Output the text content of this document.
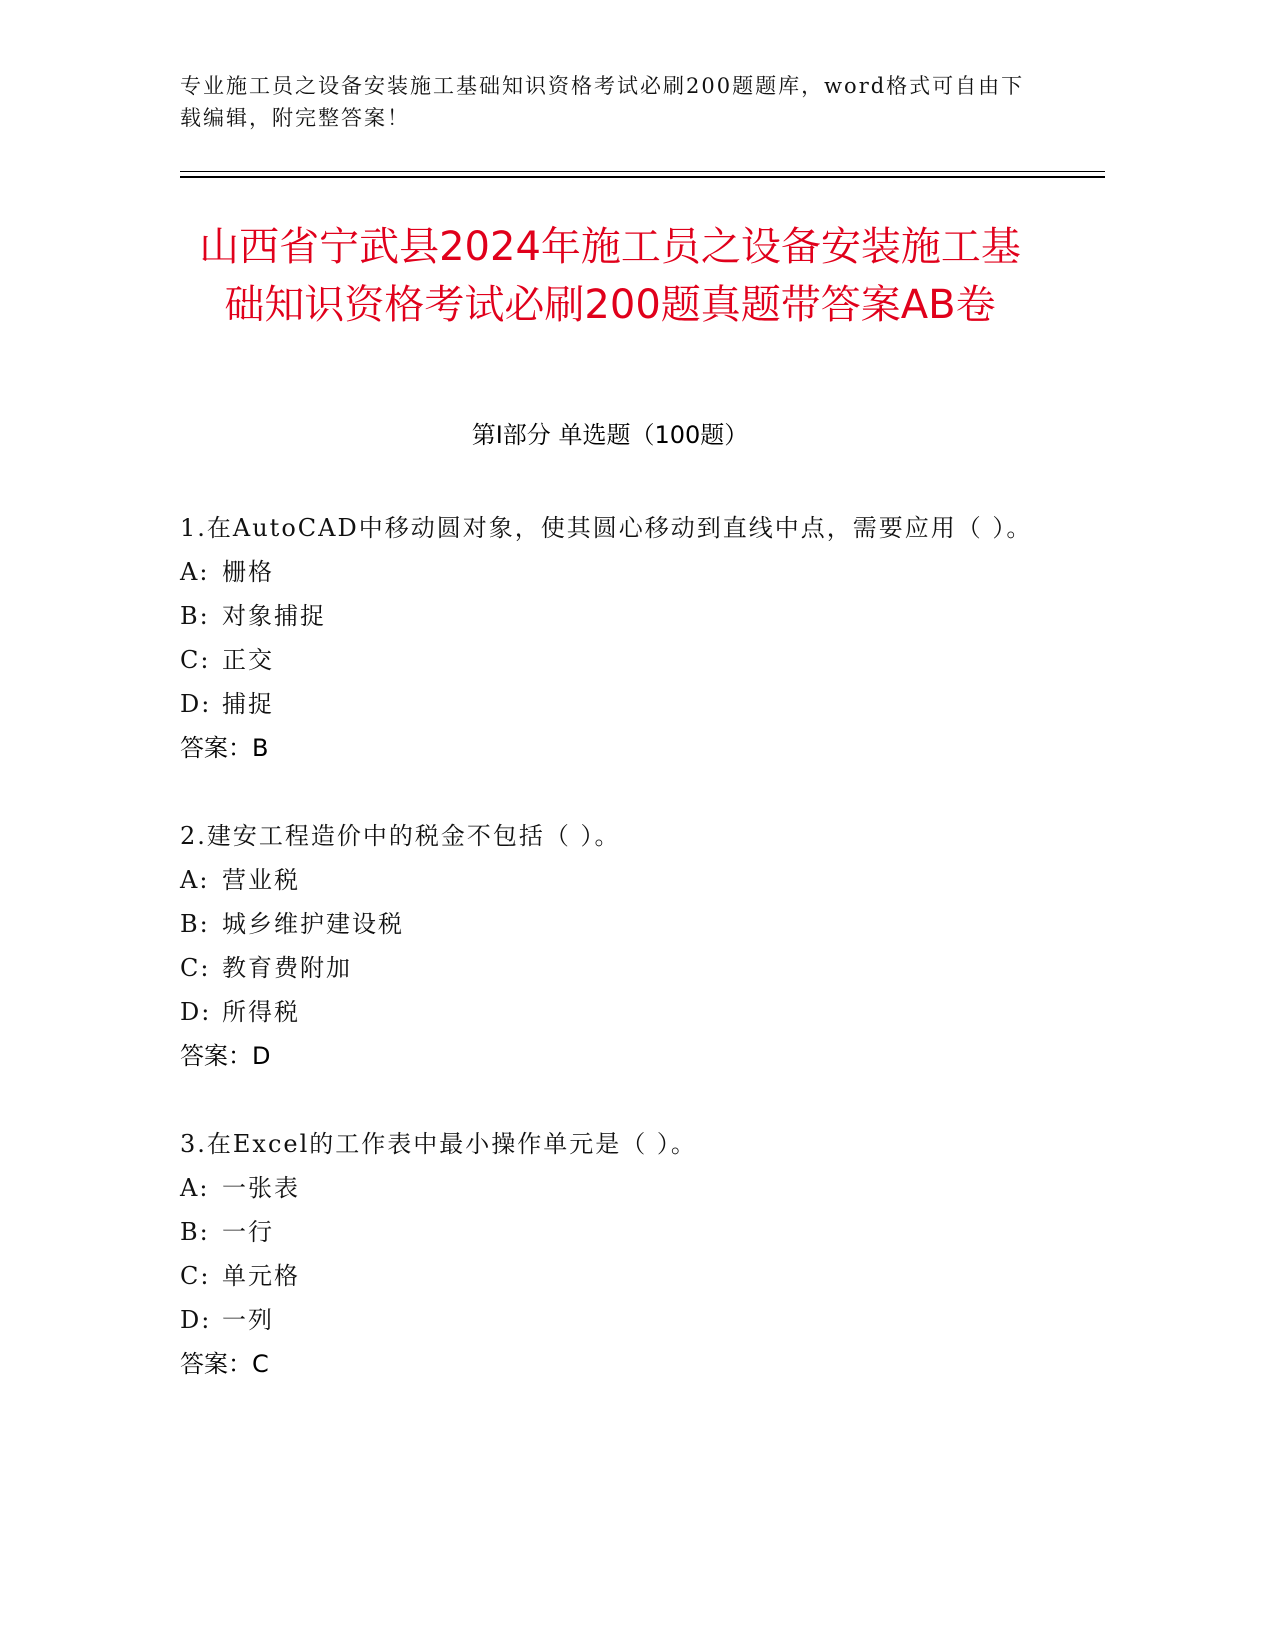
专业施工员之设备安装施工基础知识资格考试必刷200题题库，word格式可自由下载编辑，附完整答案！
山西省宁武县2024年施工员之设备安装施工基础知识资格考试必刷200题真题带答案AB卷
第I部分 单选题（100题）
1.在AutoCAD中移动圆对象，使其圆心移动到直线中点，需要应用（ ）。
A: 栅格
B: 对象捕捉
C: 正交
D: 捕捉
答案：B
2.建安工程造价中的税金不包括（ ）。
A: 营业税
B: 城乡维护建设税
C: 教育费附加
D: 所得税
答案：D
3.在Excel的工作表中最小操作单元是（ ）。
A: 一张表
B: 一行
C: 单元格
D: 一列
答案：C
